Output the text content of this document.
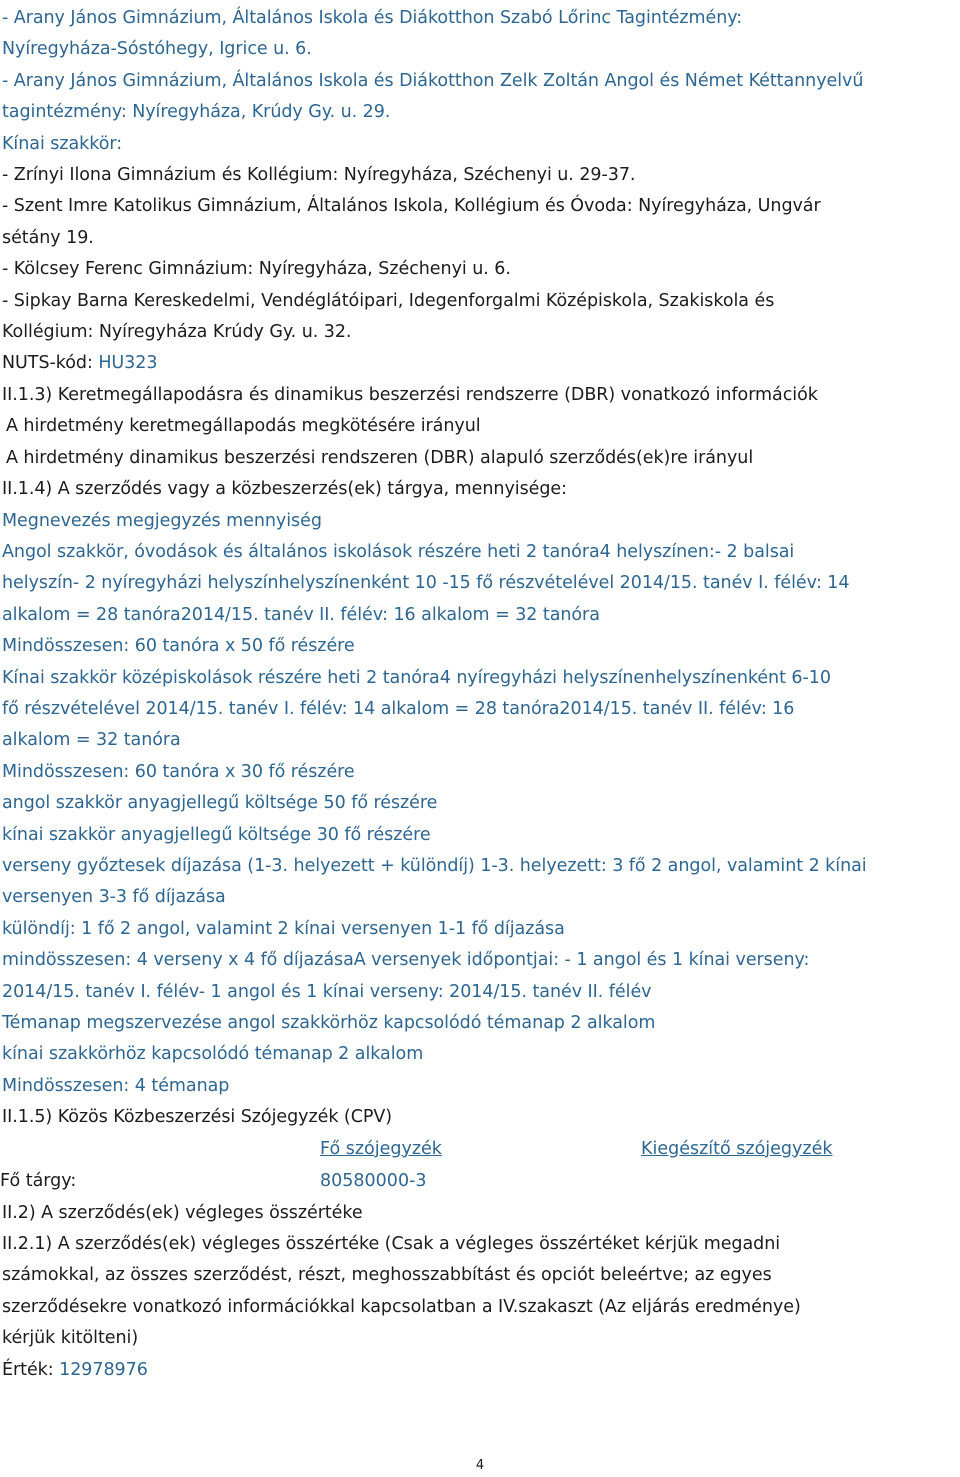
- Arany János Gimnázium, Általános Iskola és Diákotthon Szabó Lőrinc Tagintézmény:
Nyíregyháza-Sóstóhegy, Igrice u. 6.
- Arany János Gimnázium, Általános Iskola és Diákotthon Zelk Zoltán Angol és Német Kéttannyelvű
tagintézmény: Nyíregyháza, Krúdy Gy. u. 29.
Kínai szakkör:
- Zrínyi Ilona Gimnázium és Kollégium: Nyíregyháza, Széchenyi u. 29-37.
- Szent Imre Katolikus Gimnázium, Általános Iskola, Kollégium és Óvoda: Nyíregyháza, Ungvár
sétány 19.
- Kölcsey Ferenc Gimnázium: Nyíregyháza, Széchenyi u. 6.
- Sipkay Barna Kereskedelmi, Vendéglátóipari, Idegenforgalmi Középiskola, Szakiskola és
Kollégium: Nyíregyháza Krúdy Gy. u. 32.
NUTS-kód: HU323
II.1.3) Keretmegállapodásra és dinamikus beszerzési rendszerre (DBR) vonatkozó információk
A hirdetmény keretmegállapodás megkötésére irányul
A hirdetmény dinamikus beszerzési rendszeren (DBR) alapuló szerződés(ek)re irányul
II.1.4) A szerződés vagy a közbeszerzés(ek) tárgya, mennyisége:
Megnevezés megjegyzés mennyiség
Angol szakkör, óvodások és általános iskolások részére heti 2 tanóra4 helyszínen:- 2 balsai
helyszín- 2 nyíregyházi helyszínhelyszínenként 10 -15 fő részvételével 2014/15. tanév I. félév: 14
alkalom = 28 tanóra2014/15. tanév II. félév: 16 alkalom = 32 tanóra
Mindösszesen: 60 tanóra x 50 fő részére
Kínai szakkör középiskolások részére heti 2 tanóra4 nyíregyházi helyszínenhelyszínenként 6-10
fő részvételével 2014/15. tanév I. félév: 14 alkalom = 28 tanóra2014/15. tanév II. félév: 16
alkalom = 32 tanóra
Mindösszesen: 60 tanóra x 30 fő részére
angol szakkör anyagjellegű költsége 50 fő részére
kínai szakkör anyagjellegű költsége 30 fő részére
verseny győztesek díjazása (1-3. helyezett + különdíj) 1-3. helyezett: 3 fő 2 angol, valamint 2 kínai
versenyen 3-3 fő díjazása
különdíj: 1 fő 2 angol, valamint 2 kínai versenyen 1-1 fő díjazása
mindösszesen: 4 verseny x 4 fő díjazásaA versenyek időpontjai: - 1 angol és 1 kínai verseny:
2014/15. tanév I. félév- 1 angol és 1 kínai verseny: 2014/15. tanév II. félév
Témanap megszervezése angol szakkörhöz kapcsolódó témanap 2 alkalom
kínai szakkörhöz kapcsolódó témanap 2 alkalom
Mindösszesen: 4 témanap
II.1.5) Közös Közbeszerzési Szójegyzék (CPV)
Fő szójegyzék	Kiegészítő szójegyzék
Fő tárgy:	80580000-3
II.2) A szerződés(ek) végleges összértéke
II.2.1) A szerződés(ek) végleges összértéke (Csak a végleges összértéket kérjük megadni
számokkal, az összes szerződést, részt, meghosszabbítást és opciót beleértve; az egyes
szerződésekre vonatkozó információkkal kapcsolatban a IV.szakaszt (Az eljárás eredménye)
kérjük kitölteni)
Érték: 12978976
4
